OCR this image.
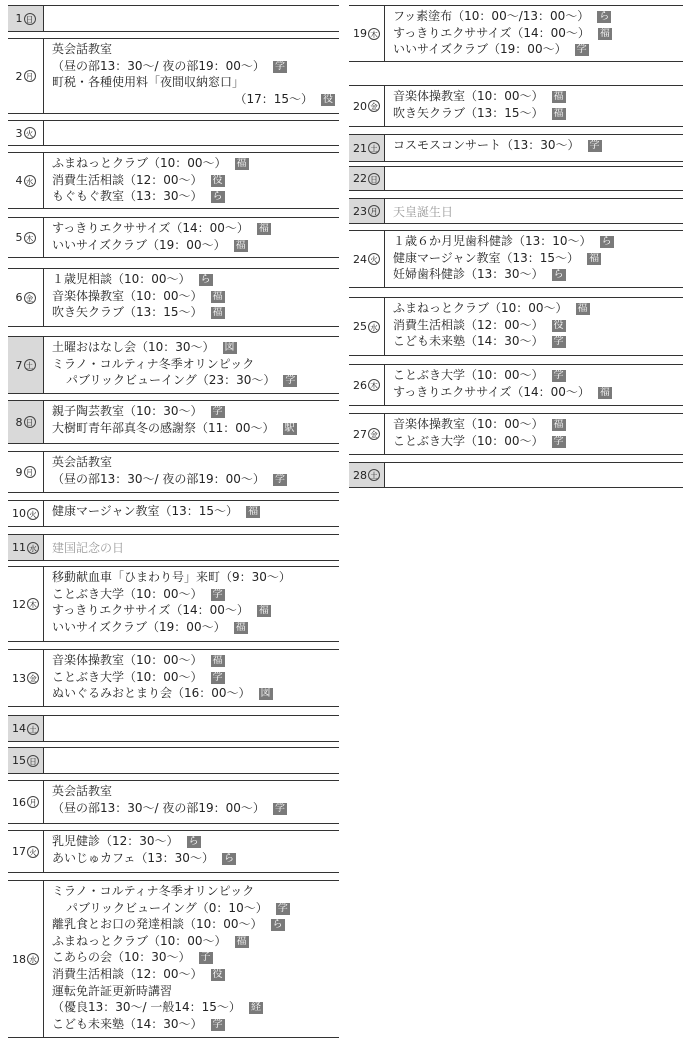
1 日
2 月
英会話教室
（昼の部13：30〜/ 夜の部19：00〜） 学
町税・各種使用料「夜間収納窓口」
（17：15〜） 役
3 火
4 水
ふまねっとクラブ（10：00〜） 福
消費生活相談（12：00〜） 役
もぐもぐ教室（13：30〜） ら
5 木
すっきりエクササイズ（14：00〜） 福
いいサイズクラブ（19：00〜） 福
6 金
１歳児相談（10：00〜） ら
音楽体操教室（10：00〜） 福
吹き矢クラブ（13：15〜） 福
7 土
土曜おはなし会（10：30〜） 図
ミラノ・コルティナ冬季オリンピック
パブリックビューイング（23：30〜） 学
8 日
親子陶芸教室（10：30〜） 学
大樹町青年部真冬の感謝祭（11：00〜） 駅
9 月
英会話教室
（昼の部13：30〜/ 夜の部19：00〜） 学
10 火 健康マージャン教室（13：15〜） 福
11 水 建国記念の日
12 木
移動献血車「ひまわり号」来町（9：30〜）
ことぶき大学（10：00〜） 学
すっきりエクササイズ（14：00〜） 福
いいサイズクラブ（19：00〜） 福
13 金
音楽体操教室（10：00〜） 福
ことぶき大学（10：00〜） 学
ぬいぐるみおとまり会（16：00〜） 図
14 土
15 日
16 月
英会話教室
（昼の部13：30〜/ 夜の部19：00〜） 学
17 火
乳児健診（12：30〜） ら
あいじゅカフェ（13：30〜） ら
18 水
ミラノ・コルティナ冬季オリンピック
パブリックビューイング（0：10〜） 学
離乳食とお口の発達相談（10：00〜） ら
ふまねっとクラブ（10：00〜） 福
こあらの会（10：30〜） 子
消費生活相談（12：00〜） 役
運転免許証更新時講習
（優良13：30〜/ 一般14：15〜） 経
こども未来塾（14：30〜） 学
19 木
フッ素塗布（10：00〜/13：00〜） ら
すっきりエクササイズ（14：00〜） 福
いいサイズクラブ（19：00〜） 学
20 金
音楽体操教室（10：00〜） 福
吹き矢クラブ（13：15〜） 福
21 土 コスモスコンサート（13：30〜） 学
22 日
23 月 天皇誕生日
24 火
１歳６か月児歯科健診（13：10〜） ら
健康マージャン教室（13：15〜） 福
妊婦歯科健診（13：30〜） ら
25 水
ふまねっとクラブ（10：00〜） 福
消費生活相談（12：00〜） 役
こども未来塾（14：30〜） 学
26 木
ことぶき大学（10：00〜） 学
すっきりエクササイズ（14：00〜） 福
27 金
音楽体操教室（10：00〜） 福
ことぶき大学（10：00〜） 学
28 土
